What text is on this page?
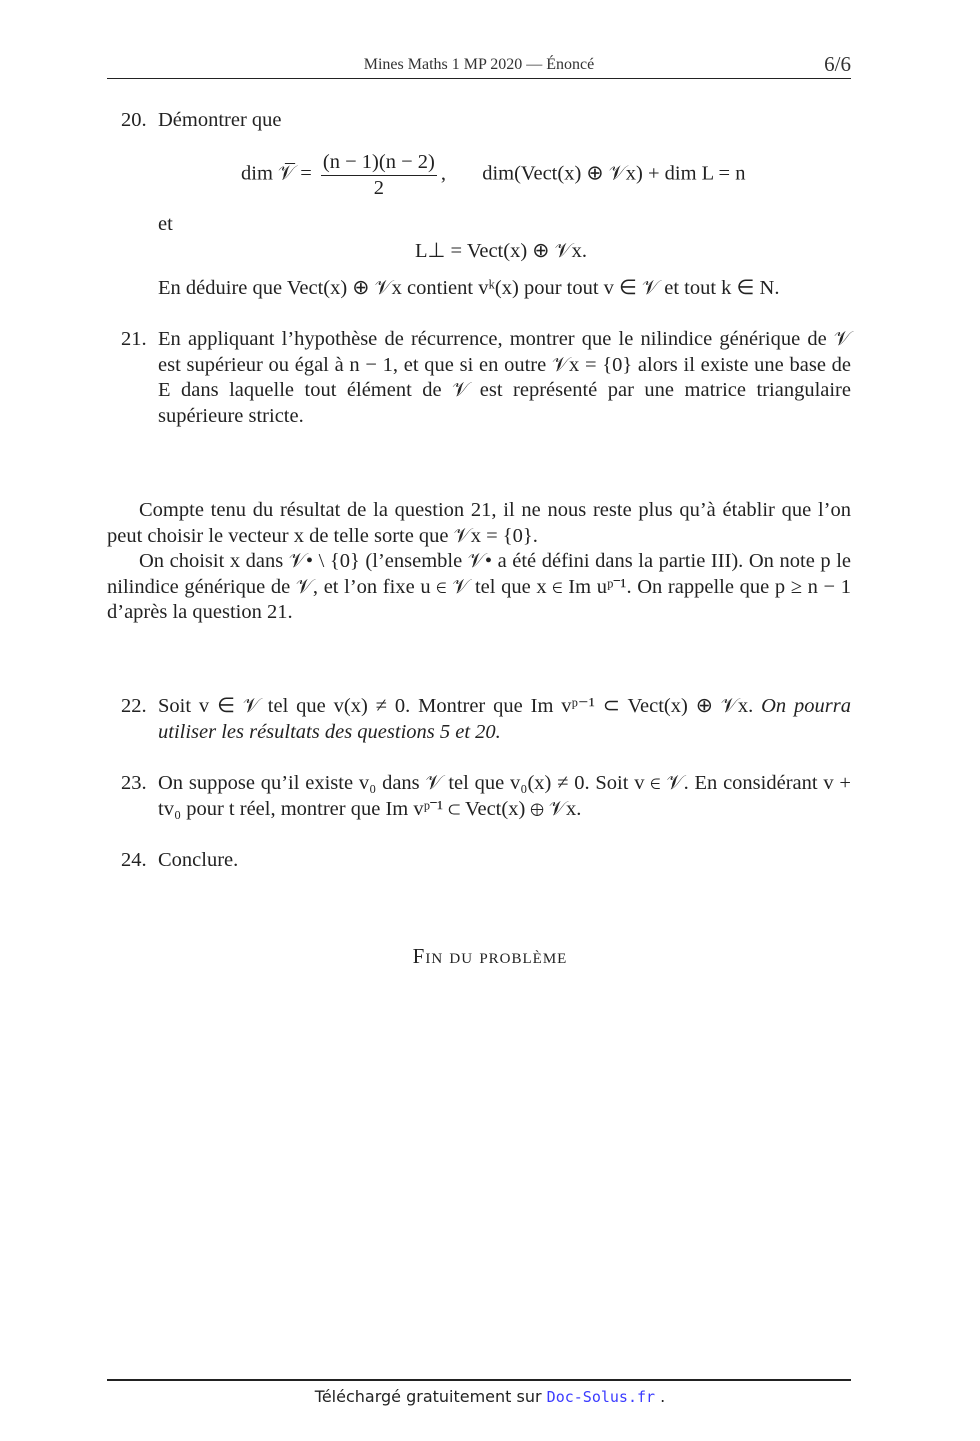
Mines Maths 1 MP 2020 — Énoncé	6/6
20. Démontrer que
dim 𝒱̅ = $\frac{(n - 1)(n - 2)}{2}$ , dim(Vect(x) ⊕ 𝒱x) + dim L = n
et
L⊥ = Vect(x) ⊕ 𝒱x.
En déduire que Vect(x) ⊕ 𝒱x contient vᵏ(x) pour tout v ∈ 𝒱 et tout k ∈ N.
21. En appliquant l’hypothèse de récurrence, montrer que le nilindice générique de 𝒱 est supérieur ou égal à n − 1, et que si en outre 𝒱x = {0} alors il existe une base de E dans laquelle tout élément de 𝒱 est représenté par une matrice triangulaire supérieure stricte.
Compte tenu du résultat de la question 21, il ne nous reste plus qu’à établir que l’on peut choisir le vecteur x de telle sorte que 𝒱x = {0}.
On choisit x dans 𝒱• \ {0} (l’ensemble 𝒱• a été défini dans la partie III). On note p le nilindice générique de 𝒱, et l’on fixe u ∈ 𝒱 tel que x ∈ Im uᵖ⁻¹. On rappelle que p ≥ n − 1 d’après la question 21.
22. Soit v ∈ 𝒱 tel que v(x) ≠ 0. Montrer que Im vᵖ⁻¹ ⊂ Vect(x) ⊕ 𝒱x. On pourra utiliser les résultats des questions 5 et 20.
23. On suppose qu’il existe v₀ dans 𝒱 tel que v₀(x) ≠ 0. Soit v ∈ 𝒱. En considérant v + tv₀ pour t réel, montrer que Im vᵖ⁻¹ ⊂ Vect(x) ⊕ 𝒱x.
24. Conclure.
Fin du problème
Téléchargé gratuitement sur Doc-Solus.fr .
